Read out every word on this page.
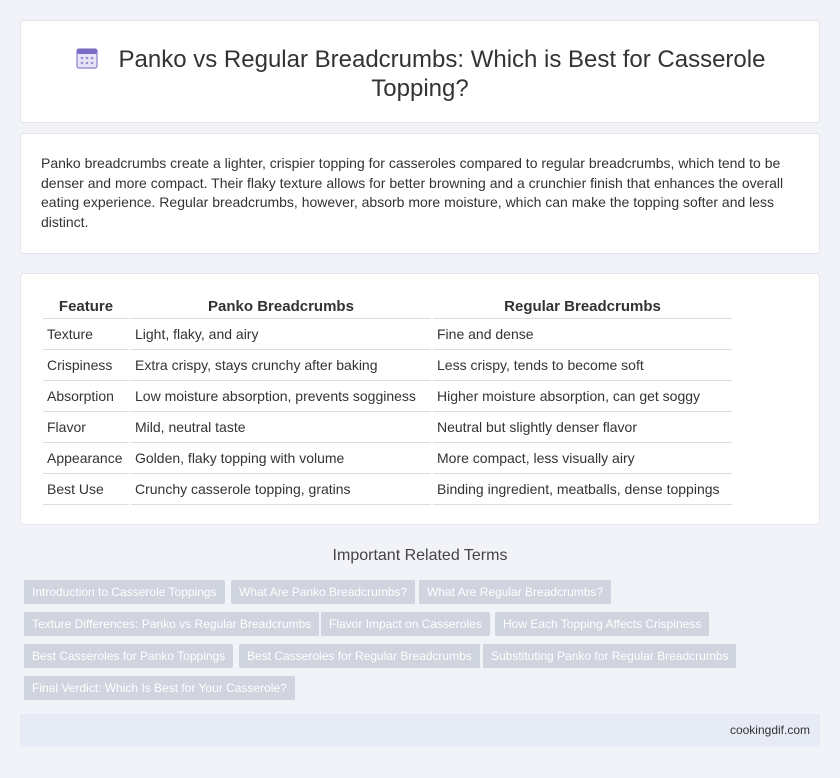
Panko vs Regular Breadcrumbs: Which is Best for Casserole Topping?

Panko breadcrumbs create a lighter, crispier topping for casseroles compared to regular breadcrumbs, which tend to be denser and more compact. Their flaky texture allows for better browning and a crunchier finish that enhances the overall eating experience. Regular breadcrumbs, however, absorb more moisture, which can make the topping softer and less distinct.

Feature	Panko Breadcrumbs	Regular Breadcrumbs
Texture	Light, flaky, and airy	Fine and dense
Crispiness	Extra crispy, stays crunchy after baking	Less crispy, tends to become soft
Absorption	Low moisture absorption, prevents sogginess	Higher moisture absorption, can get soggy
Flavor	Mild, neutral taste	Neutral but slightly denser flavor
Appearance	Golden, flaky topping with volume	More compact, less visually airy
Best Use	Crunchy casserole topping, gratins	Binding ingredient, meatballs, dense toppings
Important Related Terms
Introduction to Casserole Toppings	What Are Panko Breadcrumbs?	What Are Regular Breadcrumbs?
Texture Differences: Panko vs Regular Breadcrumbs	Flavor Impact on Casseroles	How Each Topping Affects Crispiness
Best Casseroles for Panko Toppings	Best Casseroles for Regular Breadcrumbs	Substituting Panko for Regular Breadcrumbs
Final Verdict: Which Is Best for Your Casserole?
cookingdif.com
